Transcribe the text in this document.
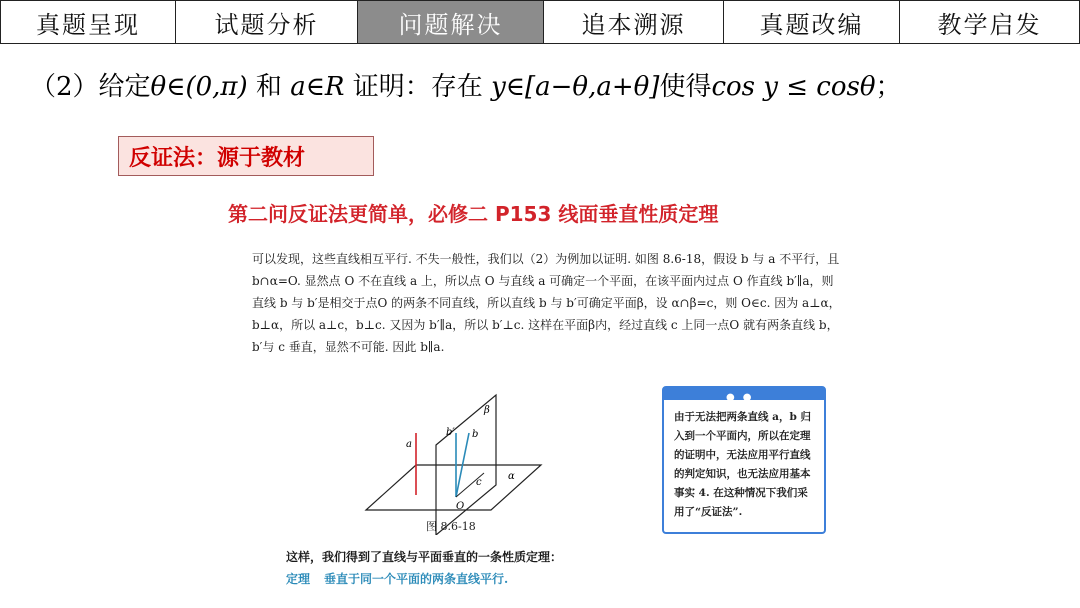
真题呈现	试题分析	问题解决	追本溯源	真题改编	教学启发
（2）给定θ∈(0,π) 和 a∈R 证明：存在 y∈[a−θ,a+θ]使得cos y ≤ cosθ；
反证法：源于教材
第二问反证法更简单，必修二 P153 线面垂直性质定理
可以发现，这些直线相互平行. 不失一般性，我们以（2）为例加以证明. 如图 8.6-18，假设 b 与 a 不平行，且 b∩α=O. 显然点 O 不在直线 a 上，所以点 O 与直线 a 可确定一个平面，在该平面内过点 O 作直线 b′∥a，则直线 b 与 b′是相交于点O 的两条不同直线，所以直线 b 与 b′可确定平面β，设 α∩β=c，则 O∈c. 因为 a⊥α，b⊥α，所以 a⊥c，b⊥c. 又因为 b′∥a，所以 b′⊥c. 这样在平面β内，经过直线 c 上同一点O 就有两条直线 b，b′与 c 垂直，显然不可能. 因此 b∥a.
β
α
a
b′ b
c
O
图 8.6-18
●●
由于无法把两条直线 a，b 归入到一个平面内，所以在定理的证明中，无法应用平行直线的判定知识，也无法应用基本事实 4. 在这种情况下我们采用了“反证法”.
这样，我们得到了直线与平面垂直的一条性质定理：
定理 垂直于同一个平面的两条直线平行.
